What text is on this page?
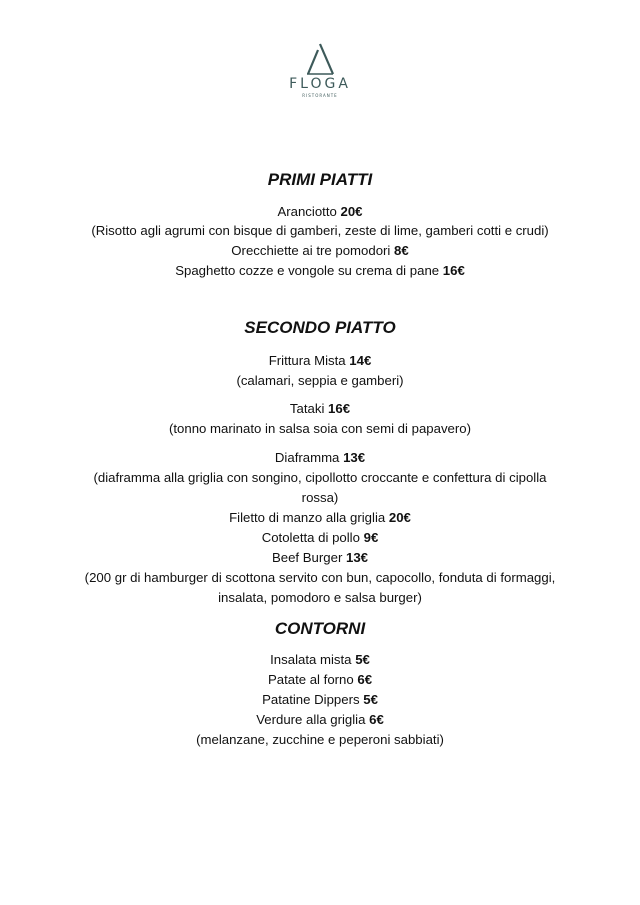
FLOGA
RISTORANTE
PRIMI PIATTI
Aranciotto 20€
(Risotto agli agrumi con bisque di gamberi, zeste di lime, gamberi cotti e crudi)
Orecchiette ai tre pomodori 8€
Spaghetto cozze e vongole su crema di pane 16€
SECONDO PIATTO
Frittura Mista 14€
(calamari, seppia e gamberi)
Tataki 16€
(tonno marinato in salsa soia con semi di papavero)
Diaframma 13€
(diaframma alla griglia con songino, cipollotto croccante e confettura di cipolla
rossa)
Filetto di manzo alla griglia 20€
Cotoletta di pollo 9€
Beef Burger 13€
(200 gr di hamburger di scottona servito con bun, capocollo, fonduta di formaggi,
insalata, pomodoro e salsa burger)
CONTORNI
Insalata mista 5€
Patate al forno 6€
Patatine Dippers 5€
Verdure alla griglia 6€
(melanzane, zucchine e peperoni sabbiati)
